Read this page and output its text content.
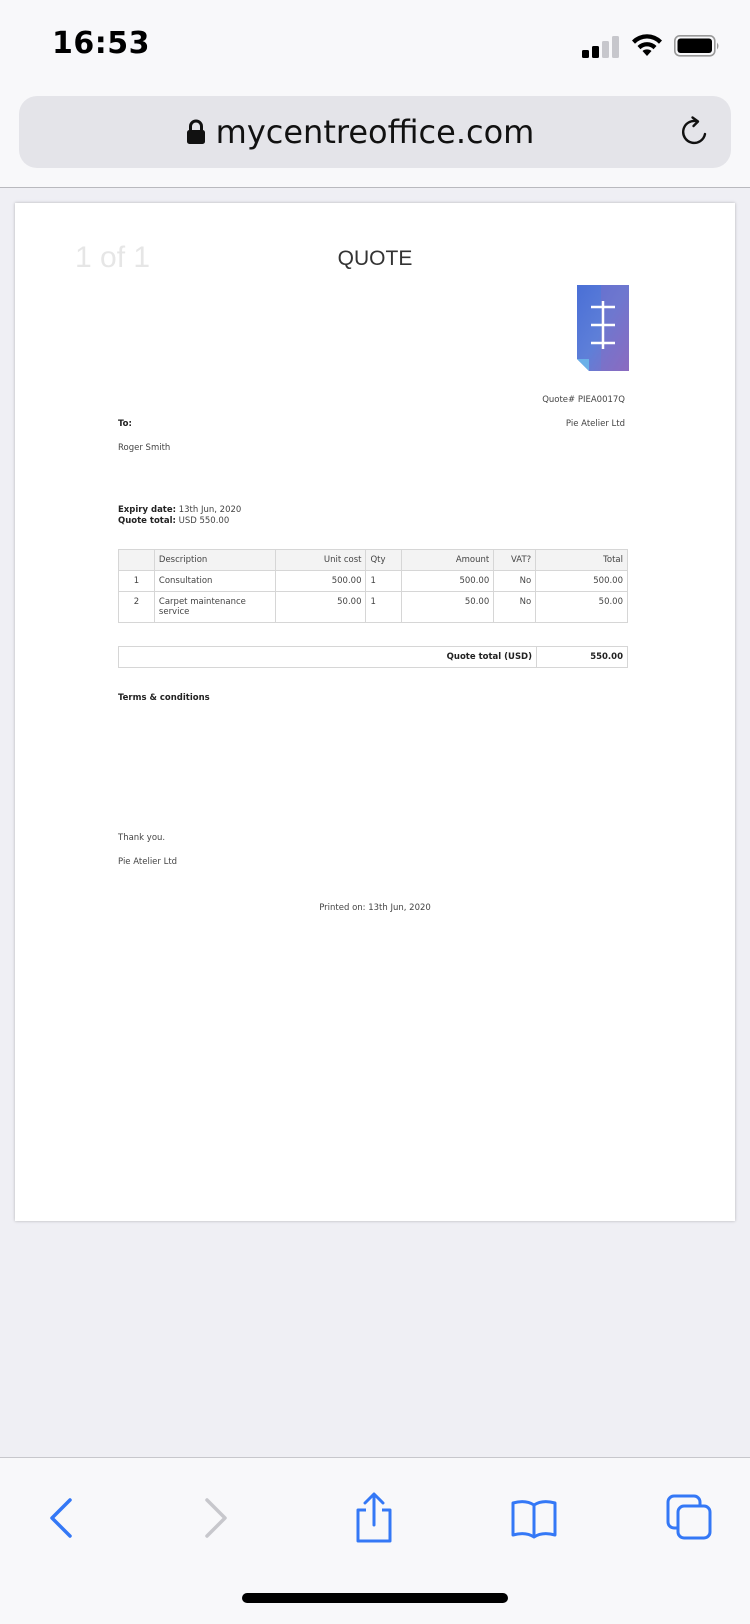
16:53
mycentreoffice.com
1 of 1	QUOTE
Quote# PIEA0017Q
Pie Atelier Ltd
To:
Roger Smith
Expiry date: 13th Jun, 2020
Quote total: USD 550.00
	Description	Unit cost	Qty	Amount	VAT?	Total
1	Consultation	500.00	1	500.00	No	500.00
2	Carpet maintenance service	50.00	1	50.00	No	50.00
Quote total (USD)	550.00
Terms & conditions
Thank you.
Pie Atelier Ltd
Printed on: 13th Jun, 2020
